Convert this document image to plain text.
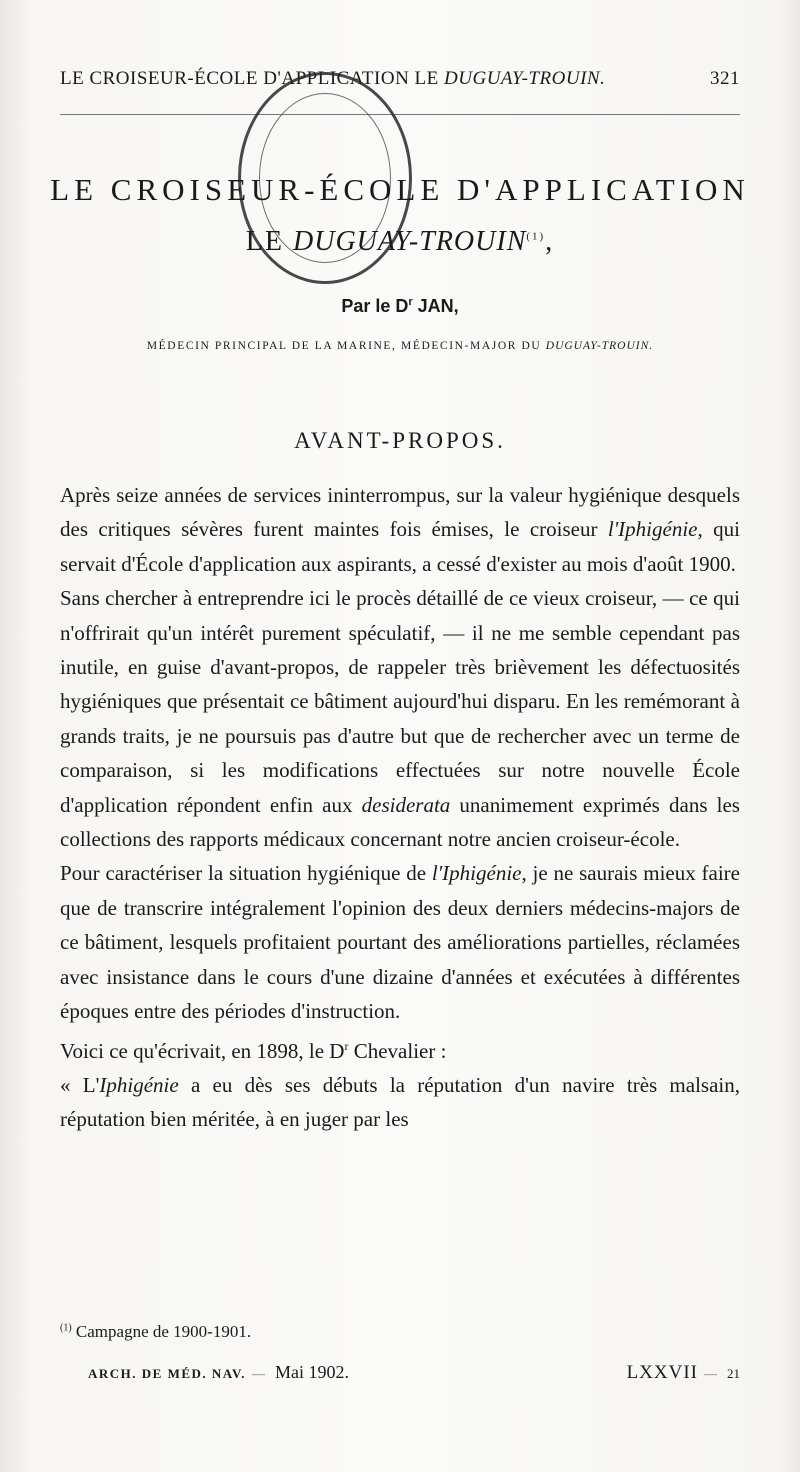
LE CROISEUR-ÉCOLE D'APPLICATION LE DUGUAY-TROUIN.	321
LE CROISEUR-ÉCOLE D'APPLICATION
LE DUGUAY-TROUIN$^{(1)}$,
Par le $D^r$ JAN,
MÉDECIN PRINCIPAL DE LA MARINE, MÉDECIN-MAJOR DU DUGUAY-TROUIN.
AVANT-PROPOS.

Après seize années de services ininterrompus, sur la valeur hygiénique desquels des critiques sévères furent maintes fois émises, le croiseur l'Iphigénie, qui servait d'École d'application aux aspirants, a cessé d'exister au mois d'août 1900.

Sans chercher à entreprendre ici le procès détaillé de ce vieux croiseur, — ce qui n'offrirait qu'un intérêt purement spéculatif, — il ne me semble cependant pas inutile, en guise d'avant-propos, de rappeler très brièvement les défectuosités hygiéniques que présentait ce bâtiment aujourd'hui disparu. En les remémorant à grands traits, je ne poursuis pas d'autre but que de rechercher avec un terme de comparaison, si les modifications effectuées sur notre nouvelle École d'application répondent enfin aux desiderata unanimement exprimés dans les collections des rapports médicaux concernant notre ancien croiseur-école.

Pour caractériser la situation hygiénique de l'Iphigénie, je ne saurais mieux faire que de transcrire intégralement l'opinion des deux derniers médecins-majors de ce bâtiment, lesquels profitaient pourtant des améliorations partielles, réclamées avec insistance dans le cours d'une dizaine d'années et exécutées à différentes époques entre des périodes d'instruction.

Voici ce qu'écrivait, en 1898, le $D^r$ Chevalier :

« L'Iphigénie a eu dès ses débuts la réputation d'un navire très malsain, réputation bien méritée, à en juger par les

$^{(1)}$ Campagne de 1900-1901.
ARCH. DE MÉD. NAV. — Mai 1902.	LXXVII — 21
